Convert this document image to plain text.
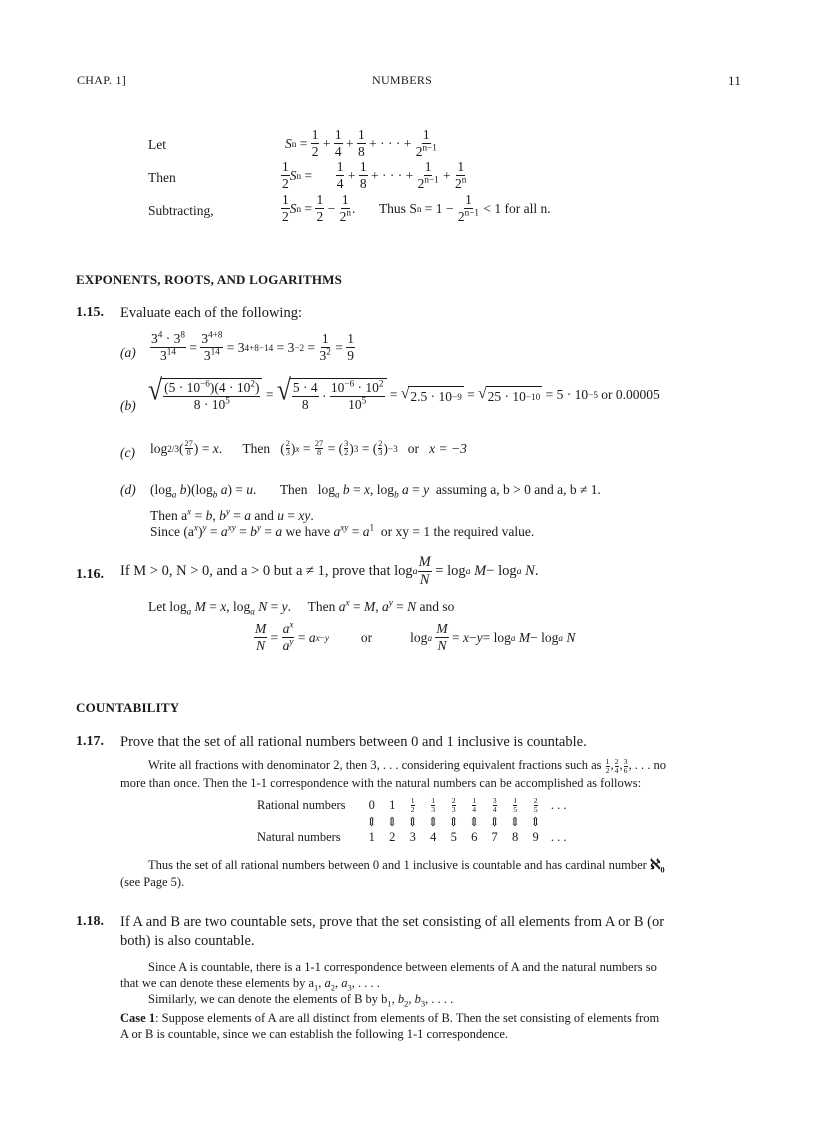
CHAP. 1]	NUMBERS	11
Let	S $n = \frac{1}{2} + \frac{1}{4} + \frac{1}{8}$ + · · · + $\frac{1}{2^{n-1}}$
Then	$\frac{1}{2}$ S $n = \frac{1}{4} + \frac{1}{8}$ + · · · + $\frac{1}{2^{n-1}} + \frac{1}{2^n}$
Subtracting,	$\frac{1}{2}$ S $n = \frac{1}{2} - \frac{1}{2^n}$ . Thus S $n = 1 - \frac{1}{2^{n-1}}$
< 1 for all n.
EXPONENTS, ROOTS, AND LOGARITHMS
1.15. Evaluate each of the following:
$(a) \frac{3^4 \cdot 3^8}{3^{14}} = \frac{3^{4+8}}{3^{14}} = 3$ $4+8-14 = 3 -2 = \frac{1}{3^2} = \frac{1}{9}$
(b) √ $\frac{(5 \cdot 10^{-6})(4 \cdot 10^2)}{8 \cdot 10^5}$ = √ $\frac{5 \cdot 4}{8} \cdot \frac{10^{-6} \cdot 10^2}{10^5}$ = √ 2.5 · 10 −9 = √ 25 · 10 −10
= 5 · 10 −5
or 0.00005
(c) log 2/3 ( $\frac{27}{8}$ ) = x . Then ( $\frac{2}{3}$ ) $x = \frac{27}{8}$ = ( $\frac{3}{2}$ ) 3 = ( $\frac{2}{3}$ ) −3
or
x = −3
(d) ($\log_a$ $b)(\log_b$ a) = u.       Then   $\log_a b = x$, $\log_b a = y$ assuming a, b > 0 and a, b ≠ 1.
Then $a^x = b$, $b^y = a$ and u = xy.
Since $(a^x)^y = a^{xy} = b^y = a$ we have $a^{xy} = a^1$ or xy = 1 the required value.
1.16. If M > 0, N > 0, and a > 0 but a ≠ 1, prove that log a $\frac{M}{N} = \log a$
M − log a
N .
Let $\log_a M = x$, $\log_a N = y$.     Then $a^x = M$, $a^y = N$ and so
$\frac{M}{N} = \frac{a^x}{a^y} = a$ x−y or	log a
$\frac{M}{N} = x - y = \log a$
M − log a
N
COUNTABILITY
1.17. Prove that the set of all rational numbers between 0 and 1 inclusive is countable.
Write all fractions with denominator 2, then 3, . . . considering equivalent fractions such as $\frac{1}{2}$ , $\frac{2}{4}$ , $\frac{3}{6}$ , . . . no
more than once. Then the 1-1 correspondence with the natural numbers can be accomplished as follows:
Rational numbers	0	1	$\frac{1}{2}$	$\frac{1}{3}$	$\frac{2}{3}$	$\frac{1}{4}$	$\frac{3}{4}$	$\frac{1}{5}$	$\frac{2}{5}$	. . .
	⇕	⇕	⇕	⇕	⇕	⇕	⇕	⇕	⇕	
Natural numbers	1	2	3	4	5	6	7	8	9	. . .
Thus the set of all rational numbers between 0 and 1 inclusive is countable and has cardinal number ℵ$_0$
(see Page 5).
1.18. If A and B are two countable sets, prove that the set consisting of all elements from A or B (or
both) is also countable.
Since A is countable, there is a 1-1 correspondence between elements of A and the natural numbers so
that we can denote these elements by $a_1$, $a_2$, $a_3$, . . . .
Similarly, we can denote the elements of B by $b_1$, $b_2$, $b_3$, . . . .
Case 1: Suppose elements of A are all distinct from elements of B. Then the set consisting of elements from
A or B is countable, since we can establish the following 1-1 correspondence.
